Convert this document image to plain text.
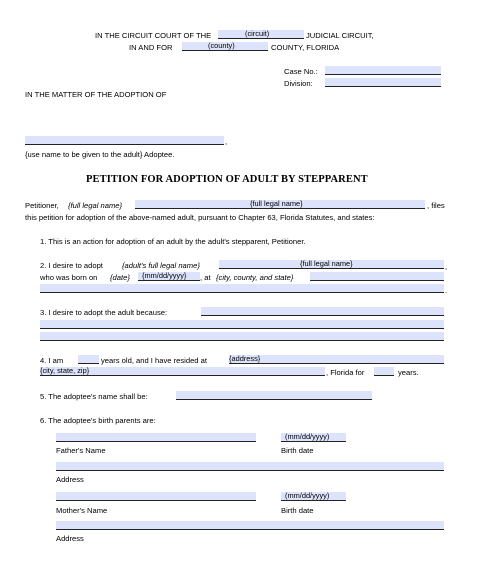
IN THE CIRCUIT COURT OF THE	(circuit)	JUDICIAL CIRCUIT,
IN AND FOR	(county)	COUNTY, FLORIDA
Case No.:
Division:
IN THE MATTER OF THE ADOPTION OF
,
{use name to be given to the adult} Adoptee.
PETITION FOR ADOPTION OF ADULT BY STEPPARENT
Petitioner, {full legal name}	{full legal name}	, files
this petition for adoption of the above-named adult, pursuant to Chapter 63, Florida Statutes, and states:
1. This is an action for adoption of an adult by the adult's stepparent, Petitioner.
2. I desire to adopt	{adult's full legal name}	{full legal name}	,
who was born on {date} {mm/dd/yyyy} , at {city, county, and state}
.
3. I desire to adopt the adult because:
4. I am	years old, and I have resided at	{address}
{city, state, zip}	, Florida for	years.
5. The adoptee's name shall be:
6. The adoptee's birth parents are:
(mm/dd/yyyy)
Father's Name	Birth date
Address
(mm/dd/yyyy)
Mother's Name	Birth date
Address
